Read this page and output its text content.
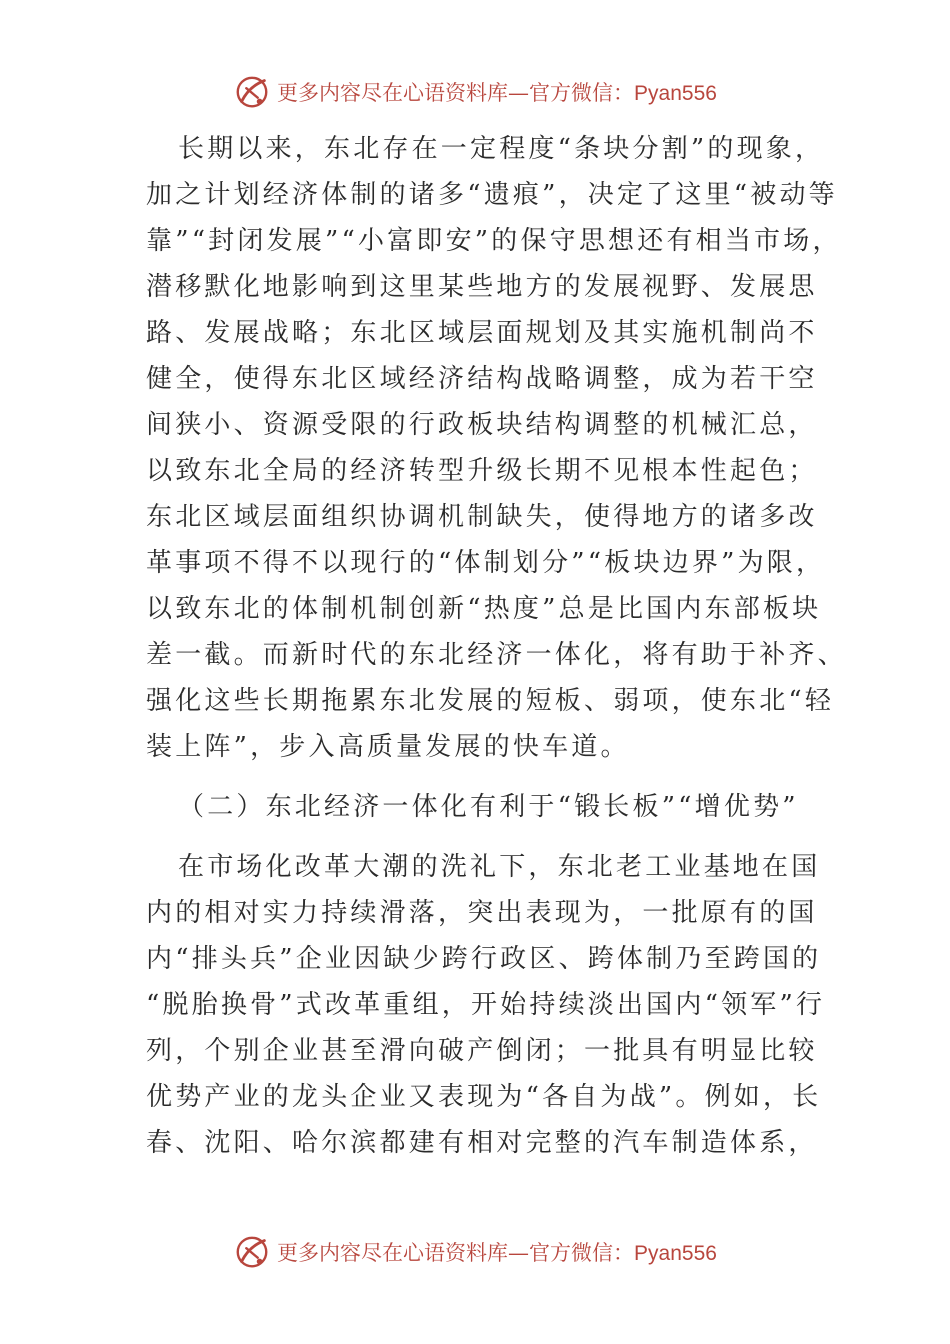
更多内容尽在心语资料库—官方微信：Pyan556
长期以来，东北存在一定程度“条块分割”的现象，
加之计划经济体制的诸多“遗痕”，决定了这里“被动等
靠”“封闭发展”“小富即安”的保守思想还有相当市场，
潜移默化地影响到这里某些地方的发展视野、发展思
路、发展战略；东北区域层面规划及其实施机制尚不
健全，使得东北区域经济结构战略调整，成为若干空
间狭小、资源受限的行政板块结构调整的机械汇总，
以致东北全局的经济转型升级长期不见根本性起色；
东北区域层面组织协调机制缺失，使得地方的诸多改
革事项不得不以现行的“体制划分”“板块边界”为限，
以致东北的体制机制创新“热度”总是比国内东部板块
差一截。而新时代的东北经济一体化，将有助于补齐、
强化这些长期拖累东北发展的短板、弱项，使东北“轻
装上阵”，步入高质量发展的快车道。
（二）东北经济一体化有利于“锻长板”“增优势”
在市场化改革大潮的洗礼下，东北老工业基地在国
内的相对实力持续滑落，突出表现为，一批原有的国
内“排头兵”企业因缺少跨行政区、跨体制乃至跨国的
“脱胎换骨”式改革重组，开始持续淡出国内“领军”行
列，个别企业甚至滑向破产倒闭；一批具有明显比较
优势产业的龙头企业又表现为“各自为战”。例如，长
春、沈阳、哈尔滨都建有相对完整的汽车制造体系，
更多内容尽在心语资料库—官方微信：Pyan556
